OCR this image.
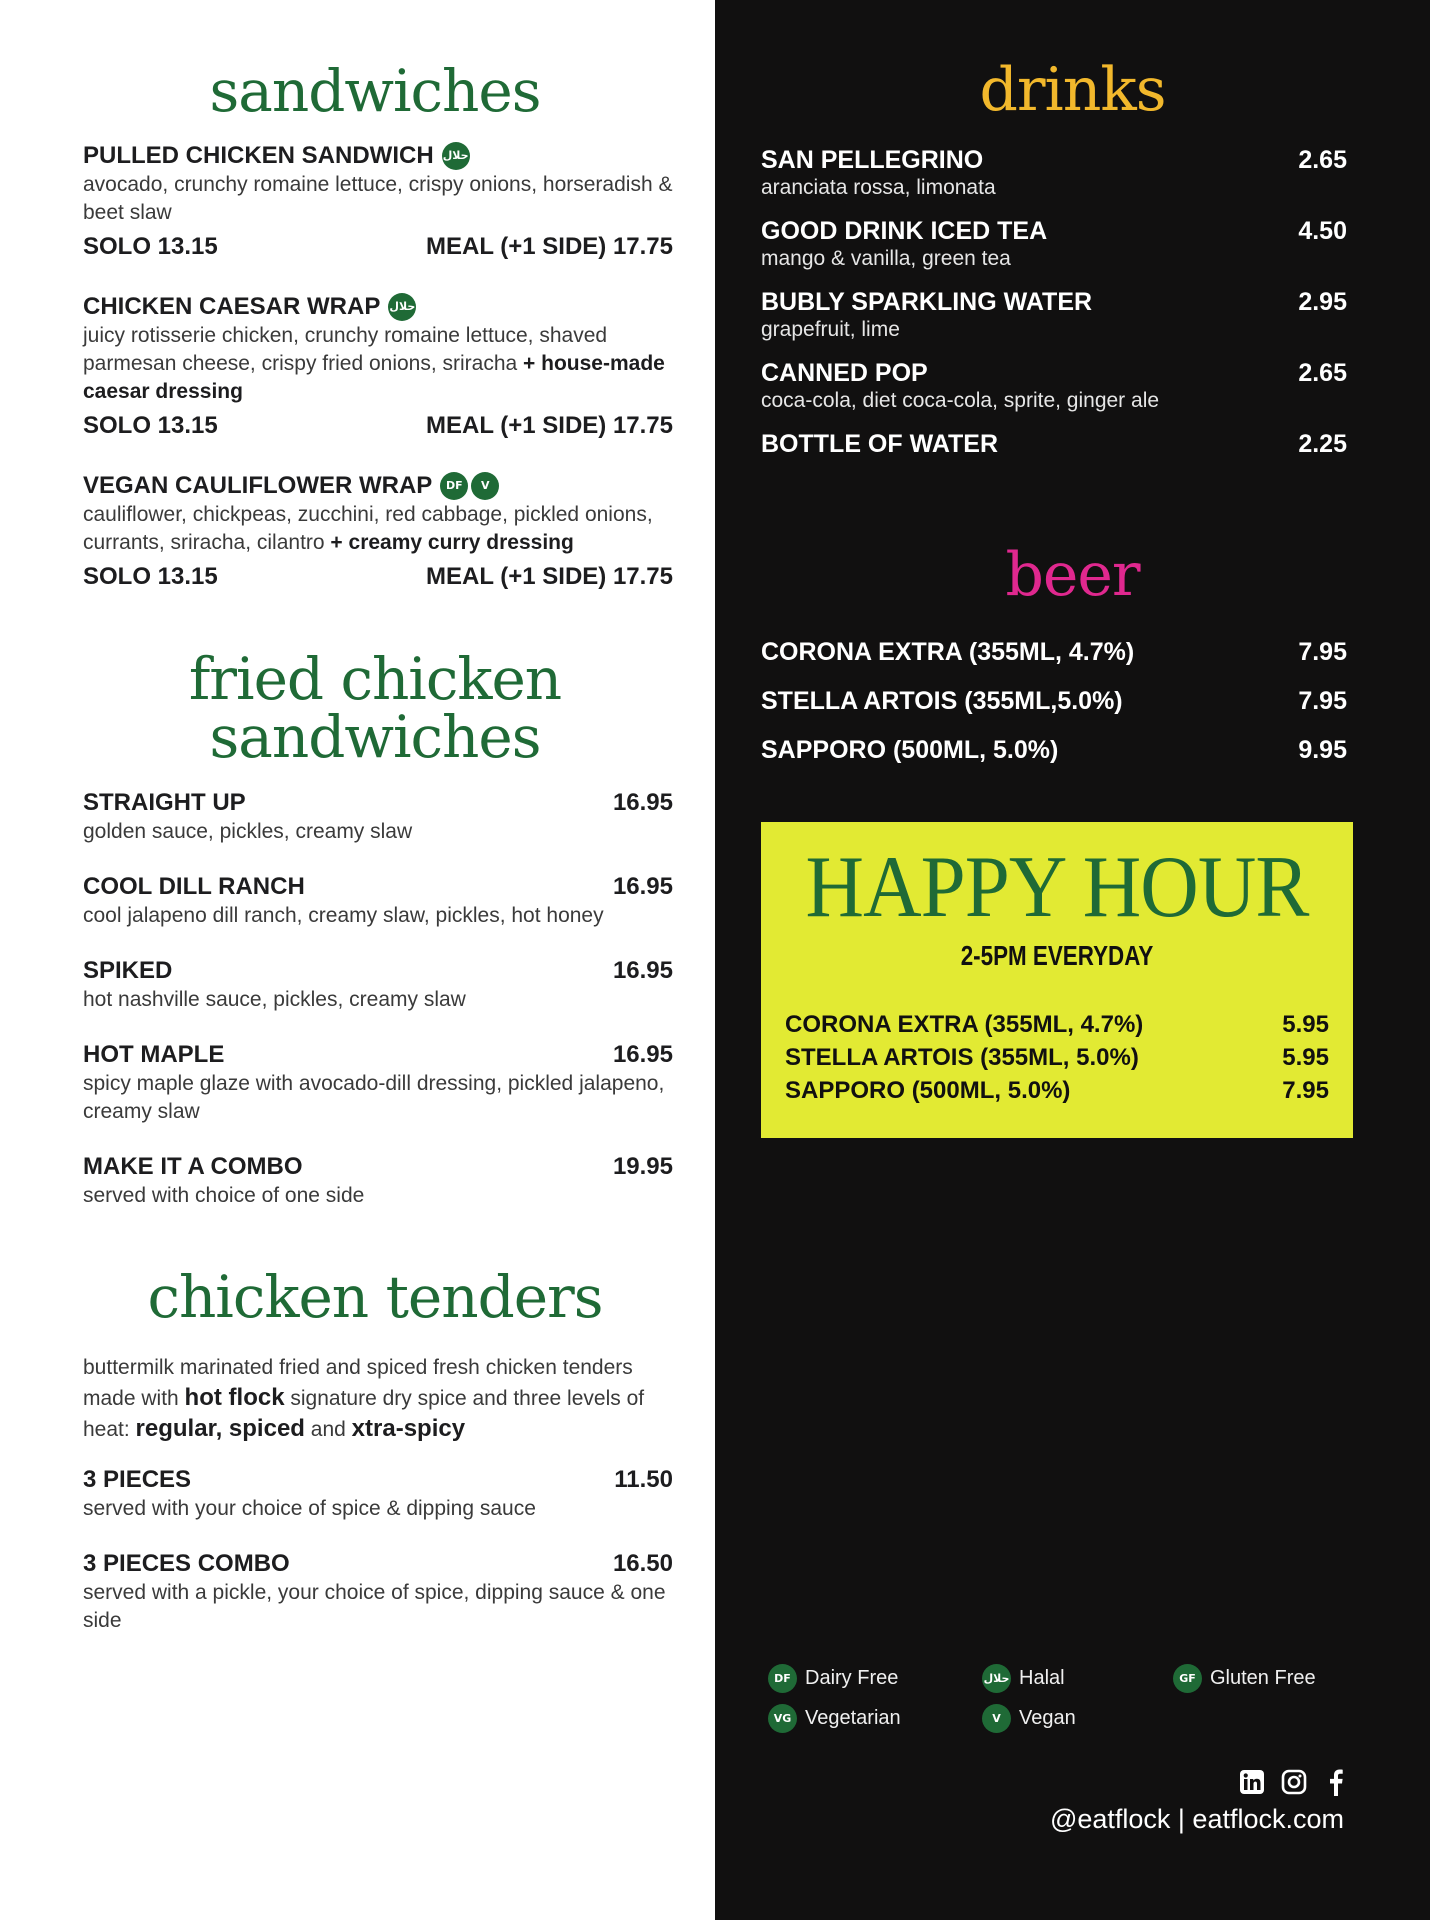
sandwiches
PULLED CHICKEN SANDWICH حلال
avocado, crunchy romaine lettuce, crispy onions, horseradish & beet slaw
SOLO 13.15	MEAL (+1 SIDE) 17.75
CHICKEN CAESAR WRAP حلال
juicy rotisserie chicken, crunchy romaine lettuce, shaved parmesan cheese, crispy fried onions, sriracha + house-made caesar dressing
SOLO 13.15	MEAL (+1 SIDE) 17.75
VEGAN CAULIFLOWER WRAP	DF	V
cauliflower, chickpeas, zucchini, red cabbage, pickled onions, currants, sriracha, cilantro + creamy curry dressing
SOLO 13.15	MEAL (+1 SIDE) 17.75
fried chicken
sandwiches
STRAIGHT UP	16.95
golden sauce, pickles, creamy slaw
COOL DILL RANCH	16.95
cool jalapeno dill ranch, creamy slaw, pickles, hot honey
SPIKED	16.95
hot nashville sauce, pickles, creamy slaw
HOT MAPLE	16.95
spicy maple glaze with avocado-dill dressing, pickled jalapeno, creamy slaw
MAKE IT A COMBO	19.95
served with choice of one side
chicken tenders
buttermilk marinated fried and spiced fresh chicken tenders made with hot flock signature dry spice and three levels of heat: regular, spiced and xtra-spicy
3 PIECES	11.50
served with your choice of spice & dipping sauce
3 PIECES COMBO	16.50
served with a pickle, your choice of spice, dipping sauce & one side
drinks
SAN PELLEGRINO	2.65
aranciata rossa, limonata
GOOD DRINK ICED TEA	4.50
mango & vanilla, green tea
BUBLY SPARKLING WATER	2.95
grapefruit, lime
CANNED POP	2.65
coca-cola, diet coca-cola, sprite, ginger ale
BOTTLE OF WATER	2.25
beer
CORONA EXTRA (355ML, 4.7%)	7.95
STELLA ARTOIS (355ML,5.0%)	7.95
SAPPORO (500ML, 5.0%)	9.95
HAPPY HOUR
2-5PM EVERYDAY
CORONA EXTRA (355ML, 4.7%)	5.95
STELLA ARTOIS (355ML, 5.0%)	5.95
SAPPORO (500ML, 5.0%)	7.95
DF Dairy Free	حلال Halal	GF Gluten Free
VG Vegetarian	V Vegan
@eatflock | eatflock.com
